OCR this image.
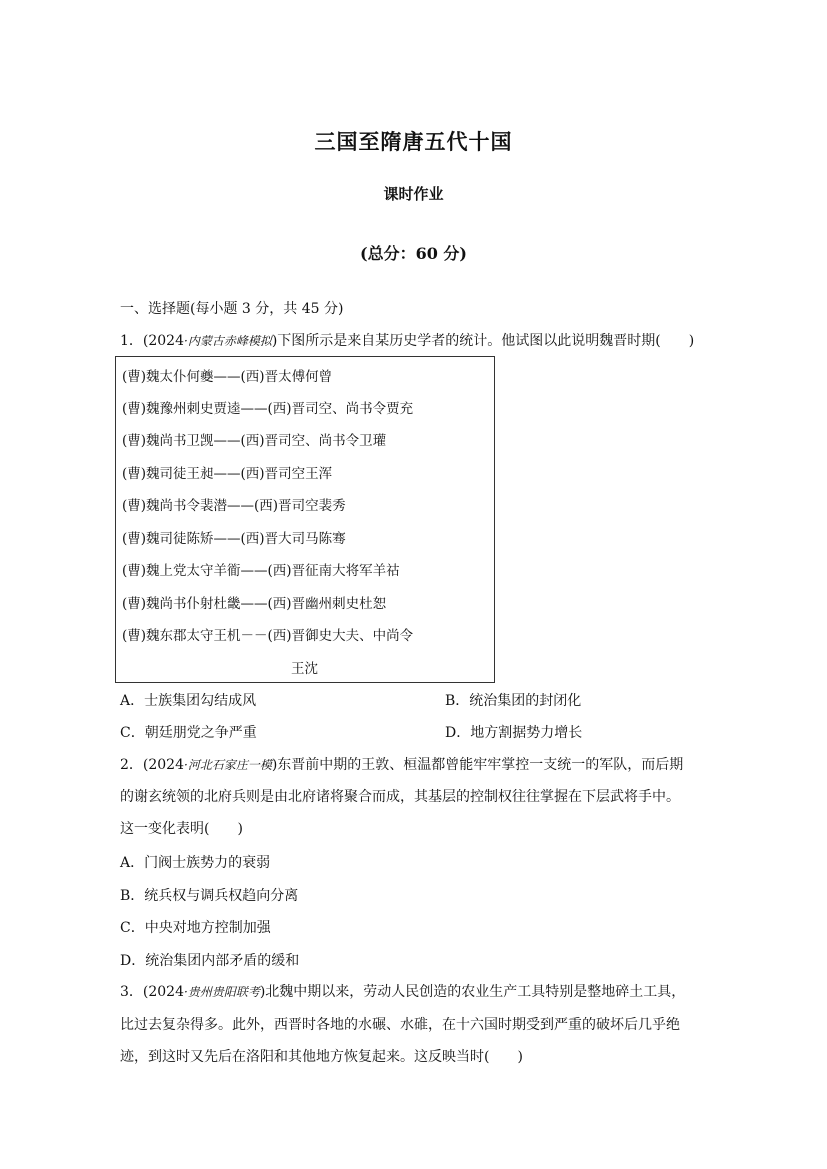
三国至隋唐五代十国
课时作业
(总分：60 分)
一、选择题(每小题 3 分，共 45 分)
1．(2024·内蒙古赤峰模拟)下图所示是来自某历史学者的统计。他试图以此说明魏晋时期(　　)
(曹)魏太仆何夔——(西)晋太傅何曾
(曹)魏豫州刺史贾逵——(西)晋司空、尚书令贾充
(曹)魏尚书卫觊——(西)晋司空、尚书令卫瓘
(曹)魏司徒王昶——(西)晋司空王浑
(曹)魏尚书令裴潜——(西)晋司空裴秀
(曹)魏司徒陈矫——(西)晋大司马陈骞
(曹)魏上党太守羊衜——(西)晋征南大将军羊祜
(曹)魏尚书仆射杜畿——(西)晋幽州刺史杜恕
(曹)魏东郡太守王机－－(西)晋御史大夫、中尚令
王沈
A．士族集团勾结成风	B．统治集团的封闭化
C．朝廷朋党之争严重	D．地方割据势力增长
2．(2024·河北石家庄一模)东晋前中期的王敦、桓温都曾能牢牢掌控一支统一的军队，而后期
的谢玄统领的北府兵则是由北府诸将聚合而成，其基层的控制权往往掌握在下层武将手中。
这一变化表明(　　)
A．门阀士族势力的衰弱
B．统兵权与调兵权趋向分离
C．中央对地方控制加强
D．统治集团内部矛盾的缓和
3．(2024·贵州贵阳联考)北魏中期以来，劳动人民创造的农业生产工具特别是整地碎土工具，
比过去复杂得多。此外，西晋时各地的水碾、水碓，在十六国时期受到严重的破坏后几乎绝
迹，到这时又先后在洛阳和其他地方恢复起来。这反映当时(　　)
